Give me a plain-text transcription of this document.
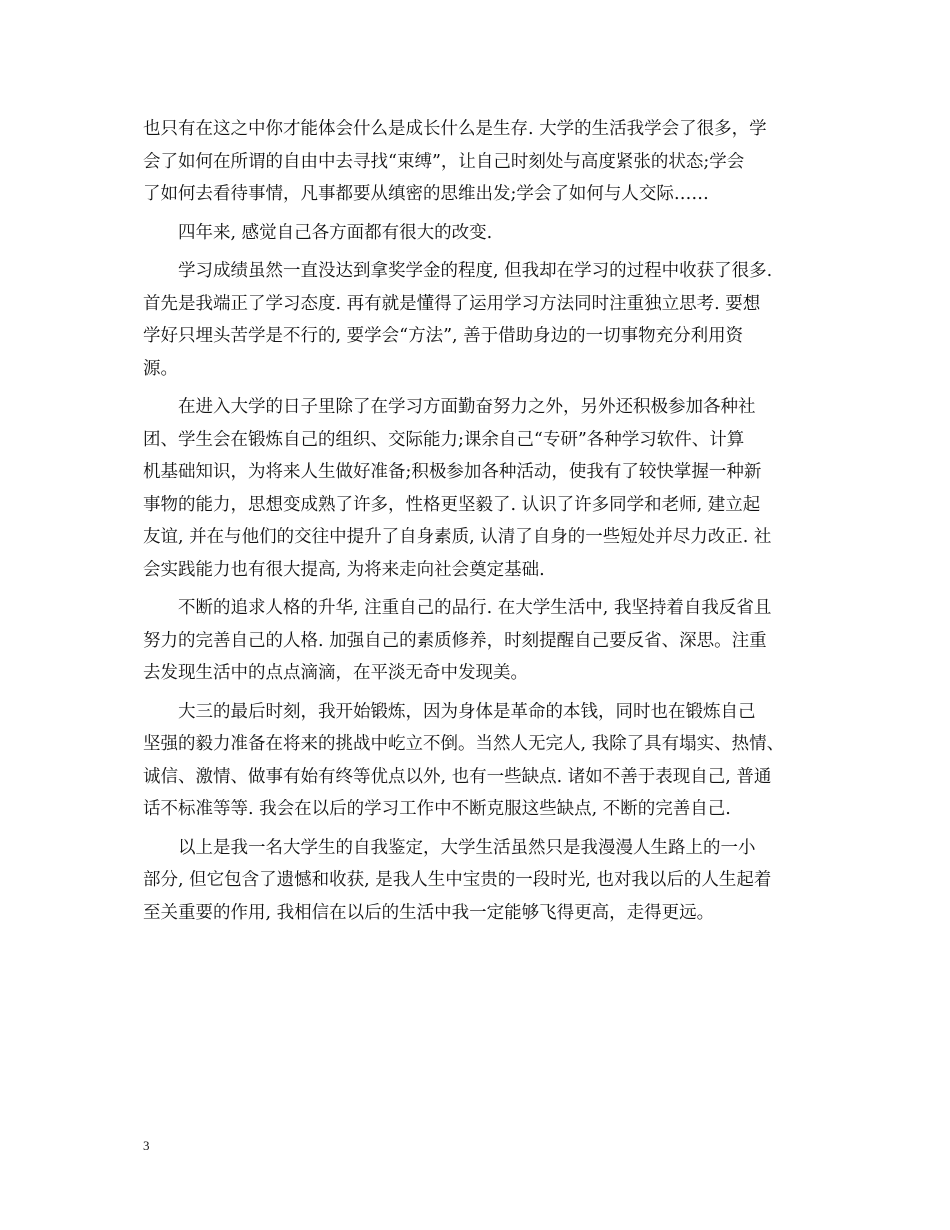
也只有在这之中你才能体会什么是成长什么是生存. 大学的生活我学会了很多，学
会了如何在所谓的自由中去寻找“束缚”，让自己时刻处与高度紧张的状态;学会
了如何去看待事情，凡事都要从缜密的思维出发;学会了如何与人交际……
四年来, 感觉自己各方面都有很大的改变.
学习成绩虽然一直没达到拿奖学金的程度, 但我却在学习的过程中收获了很多.
首先是我端正了学习态度. 再有就是懂得了运用学习方法同时注重独立思考. 要想
学好只埋头苦学是不行的, 要学会“方法”, 善于借助身边的一切事物充分利用资
源。
在进入大学的日子里除了在学习方面勤奋努力之外，另外还积极参加各种社
团、学生会在锻炼自己的组织、交际能力;课余自己“专研”各种学习软件、计算
机基础知识，为将来人生做好准备;积极参加各种活动，使我有了较快掌握一种新
事物的能力，思想变成熟了许多，性格更坚毅了. 认识了许多同学和老师, 建立起
友谊, 并在与他们的交往中提升了自身素质, 认清了自身的一些短处并尽力改正. 社
会实践能力也有很大提高, 为将来走向社会奠定基础.
不断的追求人格的升华, 注重自己的品行. 在大学生活中, 我坚持着自我反省且
努力的完善自己的人格. 加强自己的素质修养，时刻提醒自己要反省、深思。注重
去发现生活中的点点滴滴，在平淡无奇中发现美。
大三的最后时刻，我开始锻炼，因为身体是革命的本钱，同时也在锻炼自己
坚强的毅力准备在将来的挑战中屹立不倒。当然人无完人, 我除了具有塌实、热情、
诚信、激情、做事有始有终等优点以外, 也有一些缺点. 诸如不善于表现自己, 普通
话不标准等等. 我会在以后的学习工作中不断克服这些缺点, 不断的完善自己.
以上是我一名大学生的自我鉴定，大学生活虽然只是我漫漫人生路上的一小
部分, 但它包含了遗憾和收获, 是我人生中宝贵的一段时光, 也对我以后的人生起着
至关重要的作用, 我相信在以后的生活中我一定能够飞得更高，走得更远。
3
